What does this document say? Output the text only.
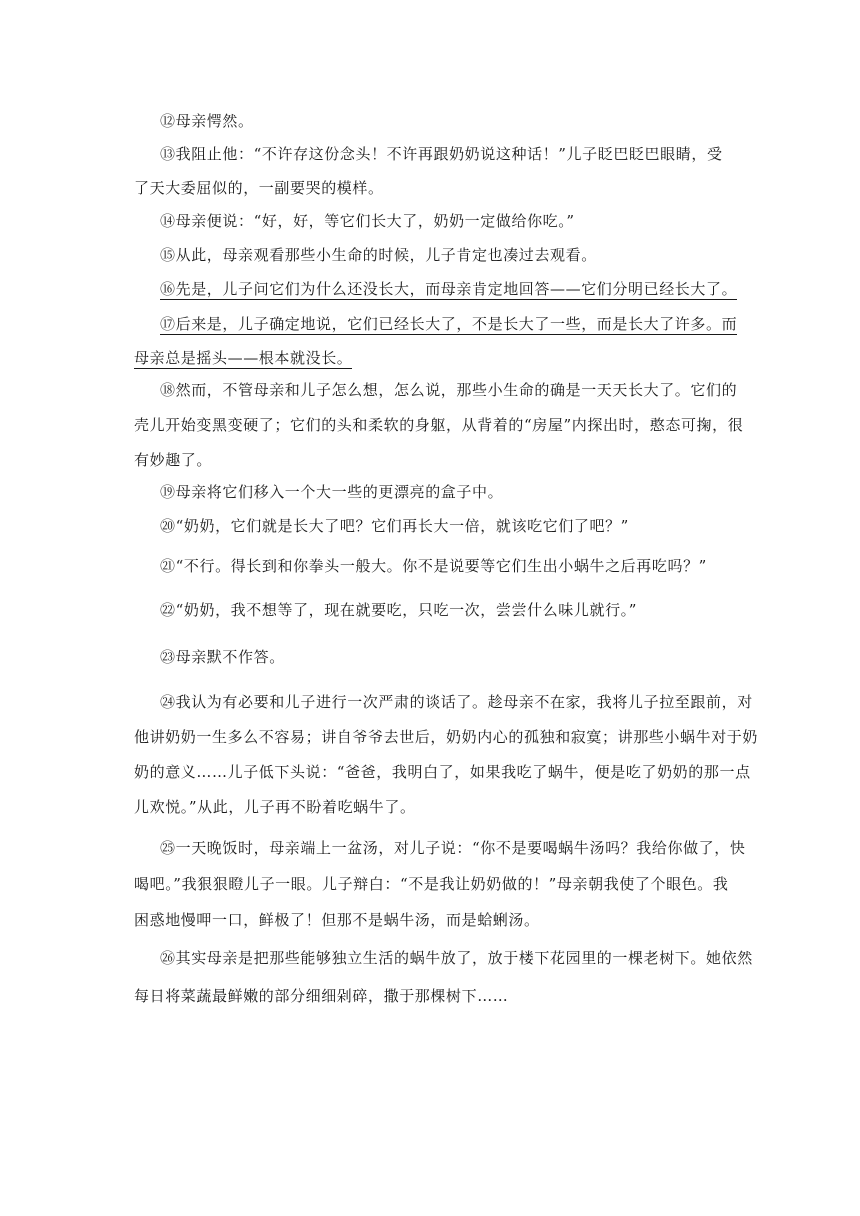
⑫母亲愕然。
⑬我阻止他：“不许存这份念头！不许再跟奶奶说这种话！”儿子眨巴眨巴眼睛，受
了天大委屈似的，一副要哭的模样。
⑭母亲便说：“好，好，等它们长大了，奶奶一定做给你吃。”
⑮从此，母亲观看那些小生命的时候，儿子肯定也凑过去观看。
⑯先是，儿子问它们为什么还没长大，而母亲肯定地回答——它们分明已经长大了。
⑰后来是，儿子确定地说，它们已经长大了，不是长大了一些，而是长大了许多。而
母亲总是摇头——根本就没长。
⑱然而，不管母亲和儿子怎么想，怎么说，那些小生命的确是一天天长大了。它们的
壳儿开始变黑变硬了；它们的头和柔软的身躯，从背着的“房屋”内探出时，憨态可掬，很
有妙趣了。
⑲母亲将它们移入一个大一些的更漂亮的盒子中。
⑳“奶奶，它们就是长大了吧？它们再长大一倍，就该吃它们了吧？”
㉑“不行。得长到和你拳头一般大。你不是说要等它们生出小蜗牛之后再吃吗？”
㉒“奶奶，我不想等了，现在就要吃，只吃一次，尝尝什么味儿就行。”
㉓母亲默不作答。
㉔我认为有必要和儿子进行一次严肃的谈话了。趁母亲不在家，我将儿子拉至跟前，对
他讲奶奶一生多么不容易；讲自爷爷去世后，奶奶内心的孤独和寂寞；讲那些小蜗牛对于奶
奶的意义……儿子低下头说：“爸爸，我明白了，如果我吃了蜗牛，便是吃了奶奶的那一点
儿欢悦。”从此，儿子再不盼着吃蜗牛了。
㉕一天晚饭时，母亲端上一盆汤，对儿子说：“你不是要喝蜗牛汤吗？我给你做了，快
喝吧。”我狠狠瞪儿子一眼。儿子辩白：“不是我让奶奶做的！”母亲朝我使了个眼色。我
困惑地慢呷一口，鲜极了！但那不是蜗牛汤，而是蛤蜊汤。
㉖其实母亲是把那些能够独立生活的蜗牛放了，放于楼下花园里的一棵老树下。她依然
每日将菜蔬最鲜嫩的部分细细剁碎，撒于那棵树下……
